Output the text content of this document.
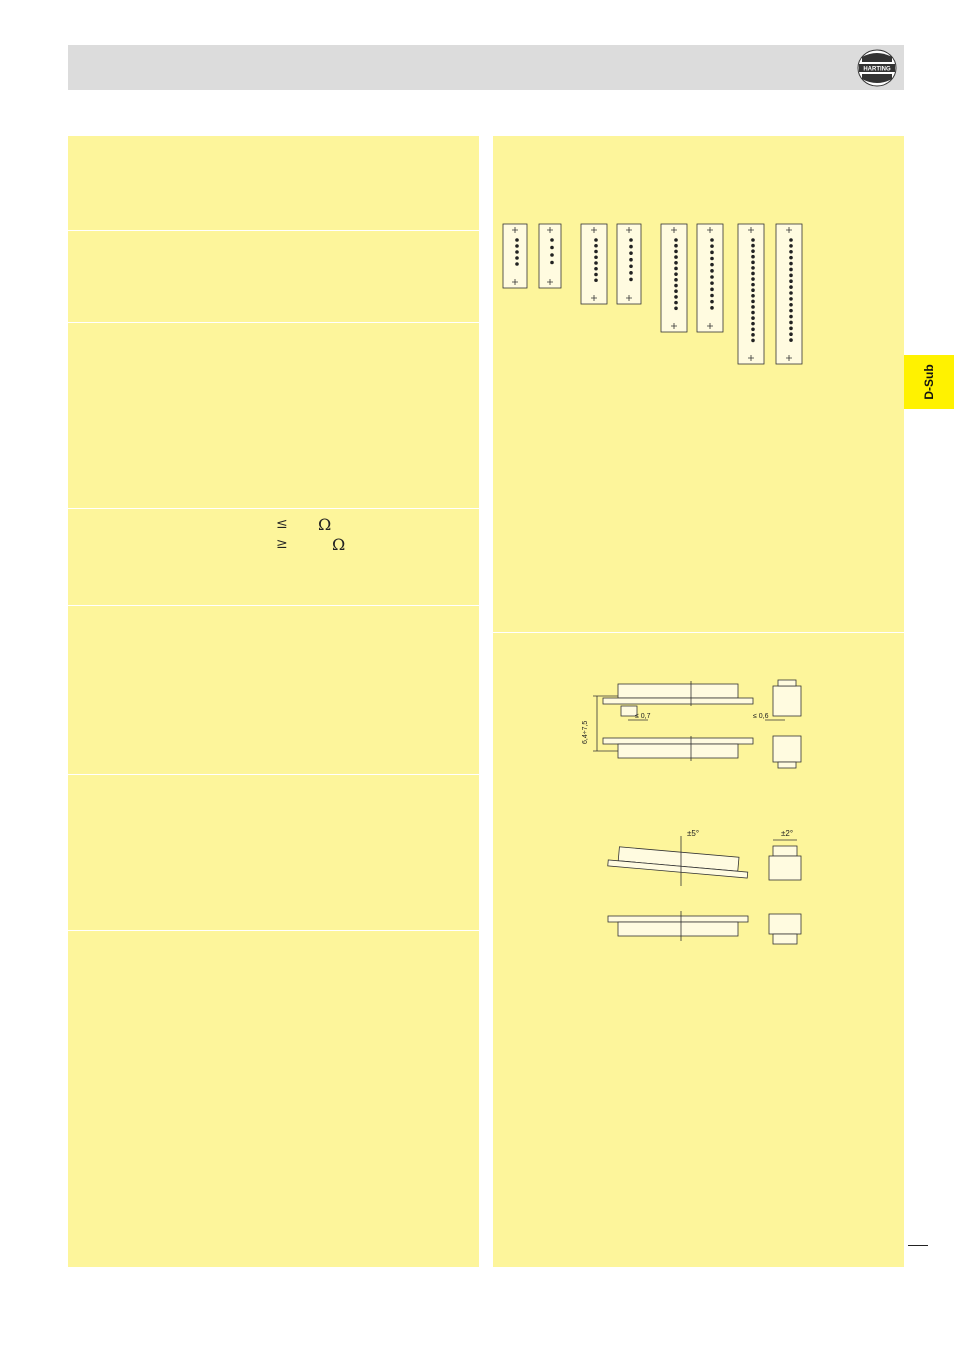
HARTING
≤ Ω
≥	Ω
6,4÷7,5
≤ 0,7	≤ 0,6
±5°	±2°
D-Sub
